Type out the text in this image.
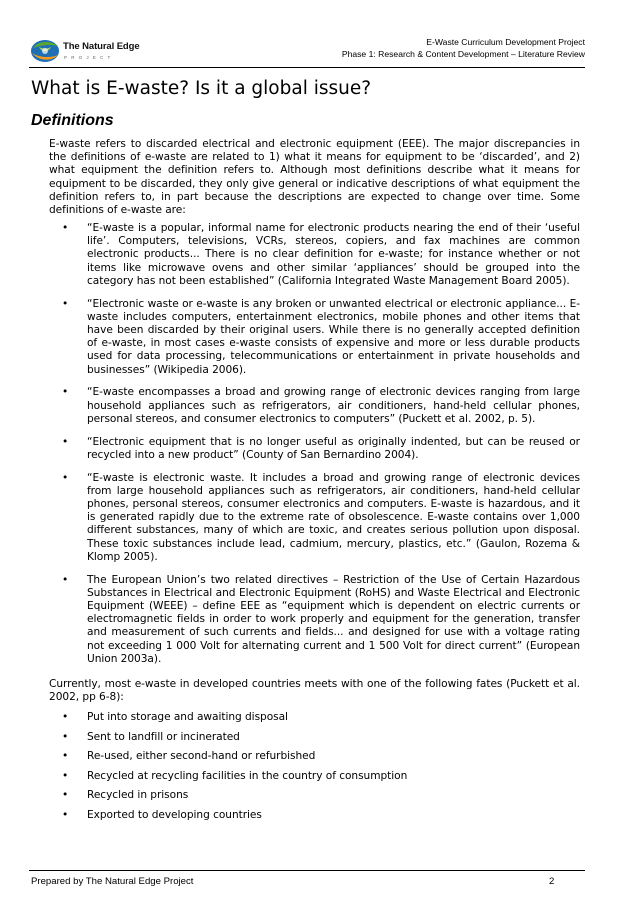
The Natural Edge
PROJECT
E-Waste Curriculum Development Project
Phase 1: Research & Content Development – Literature Review
What is E-waste? Is it a global issue?
Definitions

E-waste refers to discarded electrical and electronic equipment (EEE). The major discrepancies in the definitions of e-waste are related to 1) what it means for equipment to be ‘discarded’, and 2) what equipment the definition refers to. Although most definitions describe what it means for equipment to be discarded, they only give general or indicative descriptions of what equipment the definition refers to, in part because the descriptions are expected to change over time. Some definitions of e-waste are:

• “E-waste is a popular, informal name for electronic products nearing the end of their ‘useful life’. Computers, televisions, VCRs, stereos, copiers, and fax machines are common electronic products... There is no clear definition for e-waste; for instance whether or not items like microwave ovens and other similar ‘appliances’ should be grouped into the category has not been established” (California Integrated Waste Management Board 2005).
• “Electronic waste or e-waste is any broken or unwanted electrical or electronic appliance... E-waste includes computers, entertainment electronics, mobile phones and other items that have been discarded by their original users. While there is no generally accepted definition of e-waste, in most cases e-waste consists of expensive and more or less durable products used for data processing, telecommunications or entertainment in private households and businesses” (Wikipedia 2006).
• “E-waste encompasses a broad and growing range of electronic devices ranging from large household appliances such as refrigerators, air conditioners, hand-held cellular phones, personal stereos, and consumer electronics to computers” (Puckett et al. 2002, p. 5).
• “Electronic equipment that is no longer useful as originally indented, but can be reused or recycled into a new product” (County of San Bernardino 2004).
• “E-waste is electronic waste. It includes a broad and growing range of electronic devices from large household appliances such as refrigerators, air conditioners, hand-held cellular phones, personal stereos, consumer electronics and computers. E-waste is hazardous, and it is generated rapidly due to the extreme rate of obsolescence. E-waste contains over 1,000 different substances, many of which are toxic, and creates serious pollution upon disposal. These toxic substances include lead, cadmium, mercury, plastics, etc.” (Gaulon, Rozema & Klomp 2005).
• The European Union’s two related directives – Restriction of the Use of Certain Hazardous Substances in Electrical and Electronic Equipment (RoHS) and Waste Electrical and Electronic Equipment (WEEE) – define EEE as “equipment which is dependent on electric currents or electromagnetic fields in order to work properly and equipment for the generation, transfer and measurement of such currents and fields... and designed for use with a voltage rating not exceeding 1 000 Volt for alternating current and 1 500 Volt for direct current” (European Union 2003a).

Currently, most e-waste in developed countries meets with one of the following fates (Puckett et al. 2002, pp 6-8):

• Put into storage and awaiting disposal
• Sent to landfill or incinerated
• Re-used, either second-hand or refurbished
• Recycled at recycling facilities in the country of consumption
• Recycled in prisons
• Exported to developing countries
Prepared by The Natural Edge Project	2
